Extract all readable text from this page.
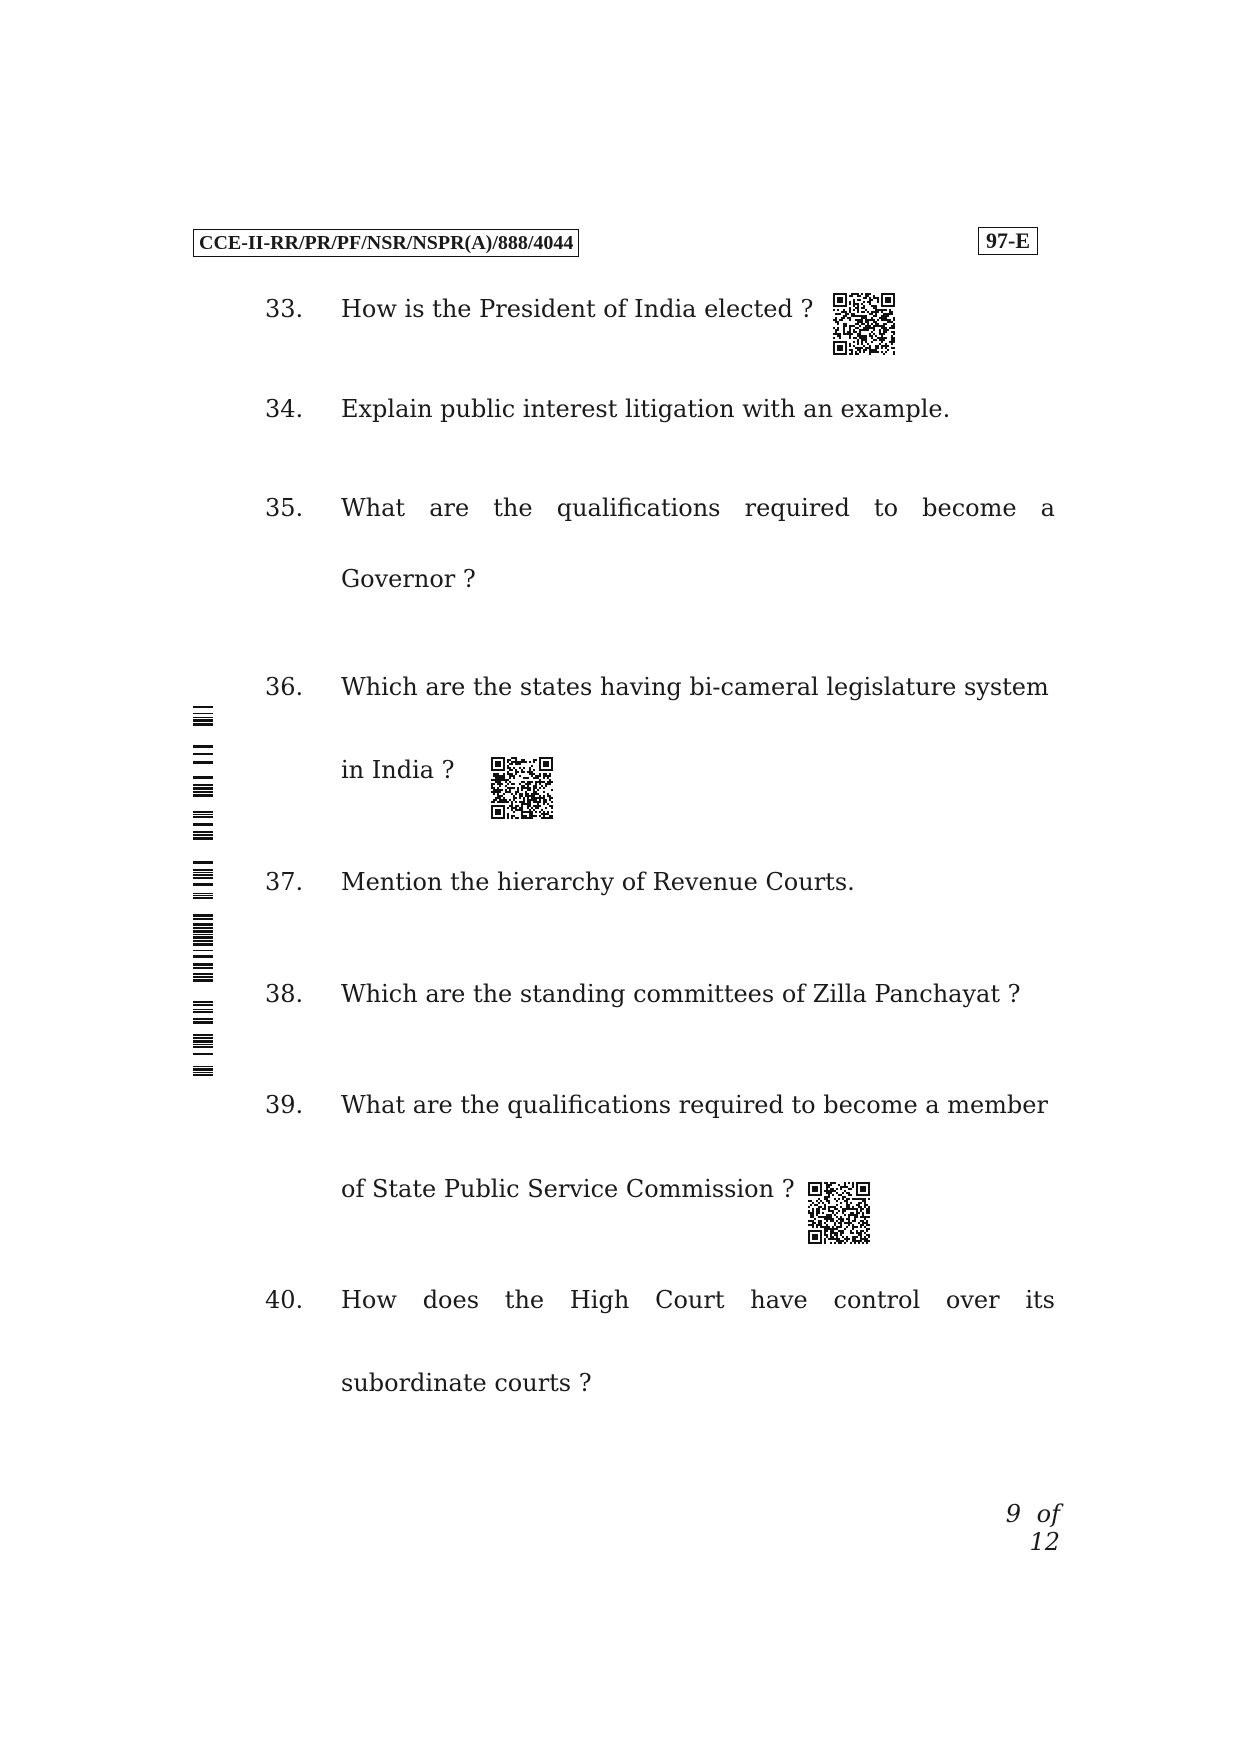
CCE-II-RR/PR/PF/NSR/NSPR(A)/888/4044	97-E
33.	How is the President of India elected ?
34.	Explain public interest litigation with an example.
35.	What are the qualifications required to become a
Governor ?
36.	Which are the states having bi-cameral legislature system
in India ?
37.	Mention the hierarchy of Revenue Courts.
38.	Which are the standing committees of Zilla Panchayat ?
39.	What are the qualifications required to become a member
of State Public Service Commission ?
40.	How does the High Court have control over its
subordinate courts ?
9 of 12
